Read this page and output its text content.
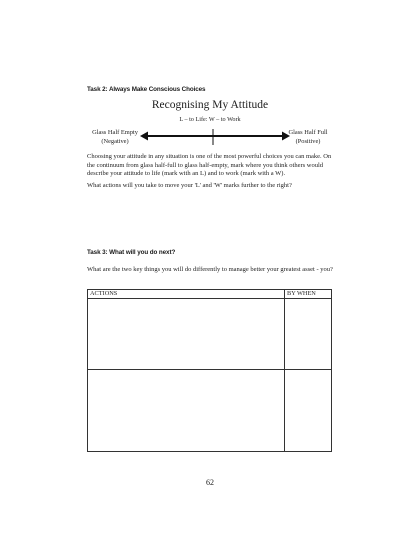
Task 2: Always Make Conscious Choices
Recognising My Attitude
L – to Life: W – to Work
Glass Half Empty
(Negative)
Glass Half Full
(Positive)
Choosing your attitude in any situation is one of the most powerful choices you can make. On the continuum from glass half-full to glass half-empty, mark where you think others would describe your attitude to life (mark with an L) and to work (mark with a W).
What actions will you take to move your 'L' and 'W' marks further to the right?
Task 3: What will you do next?
What are the two key things you will do differently to manage better your greatest asset - you?
ACTIONS	BY WHEN

62
